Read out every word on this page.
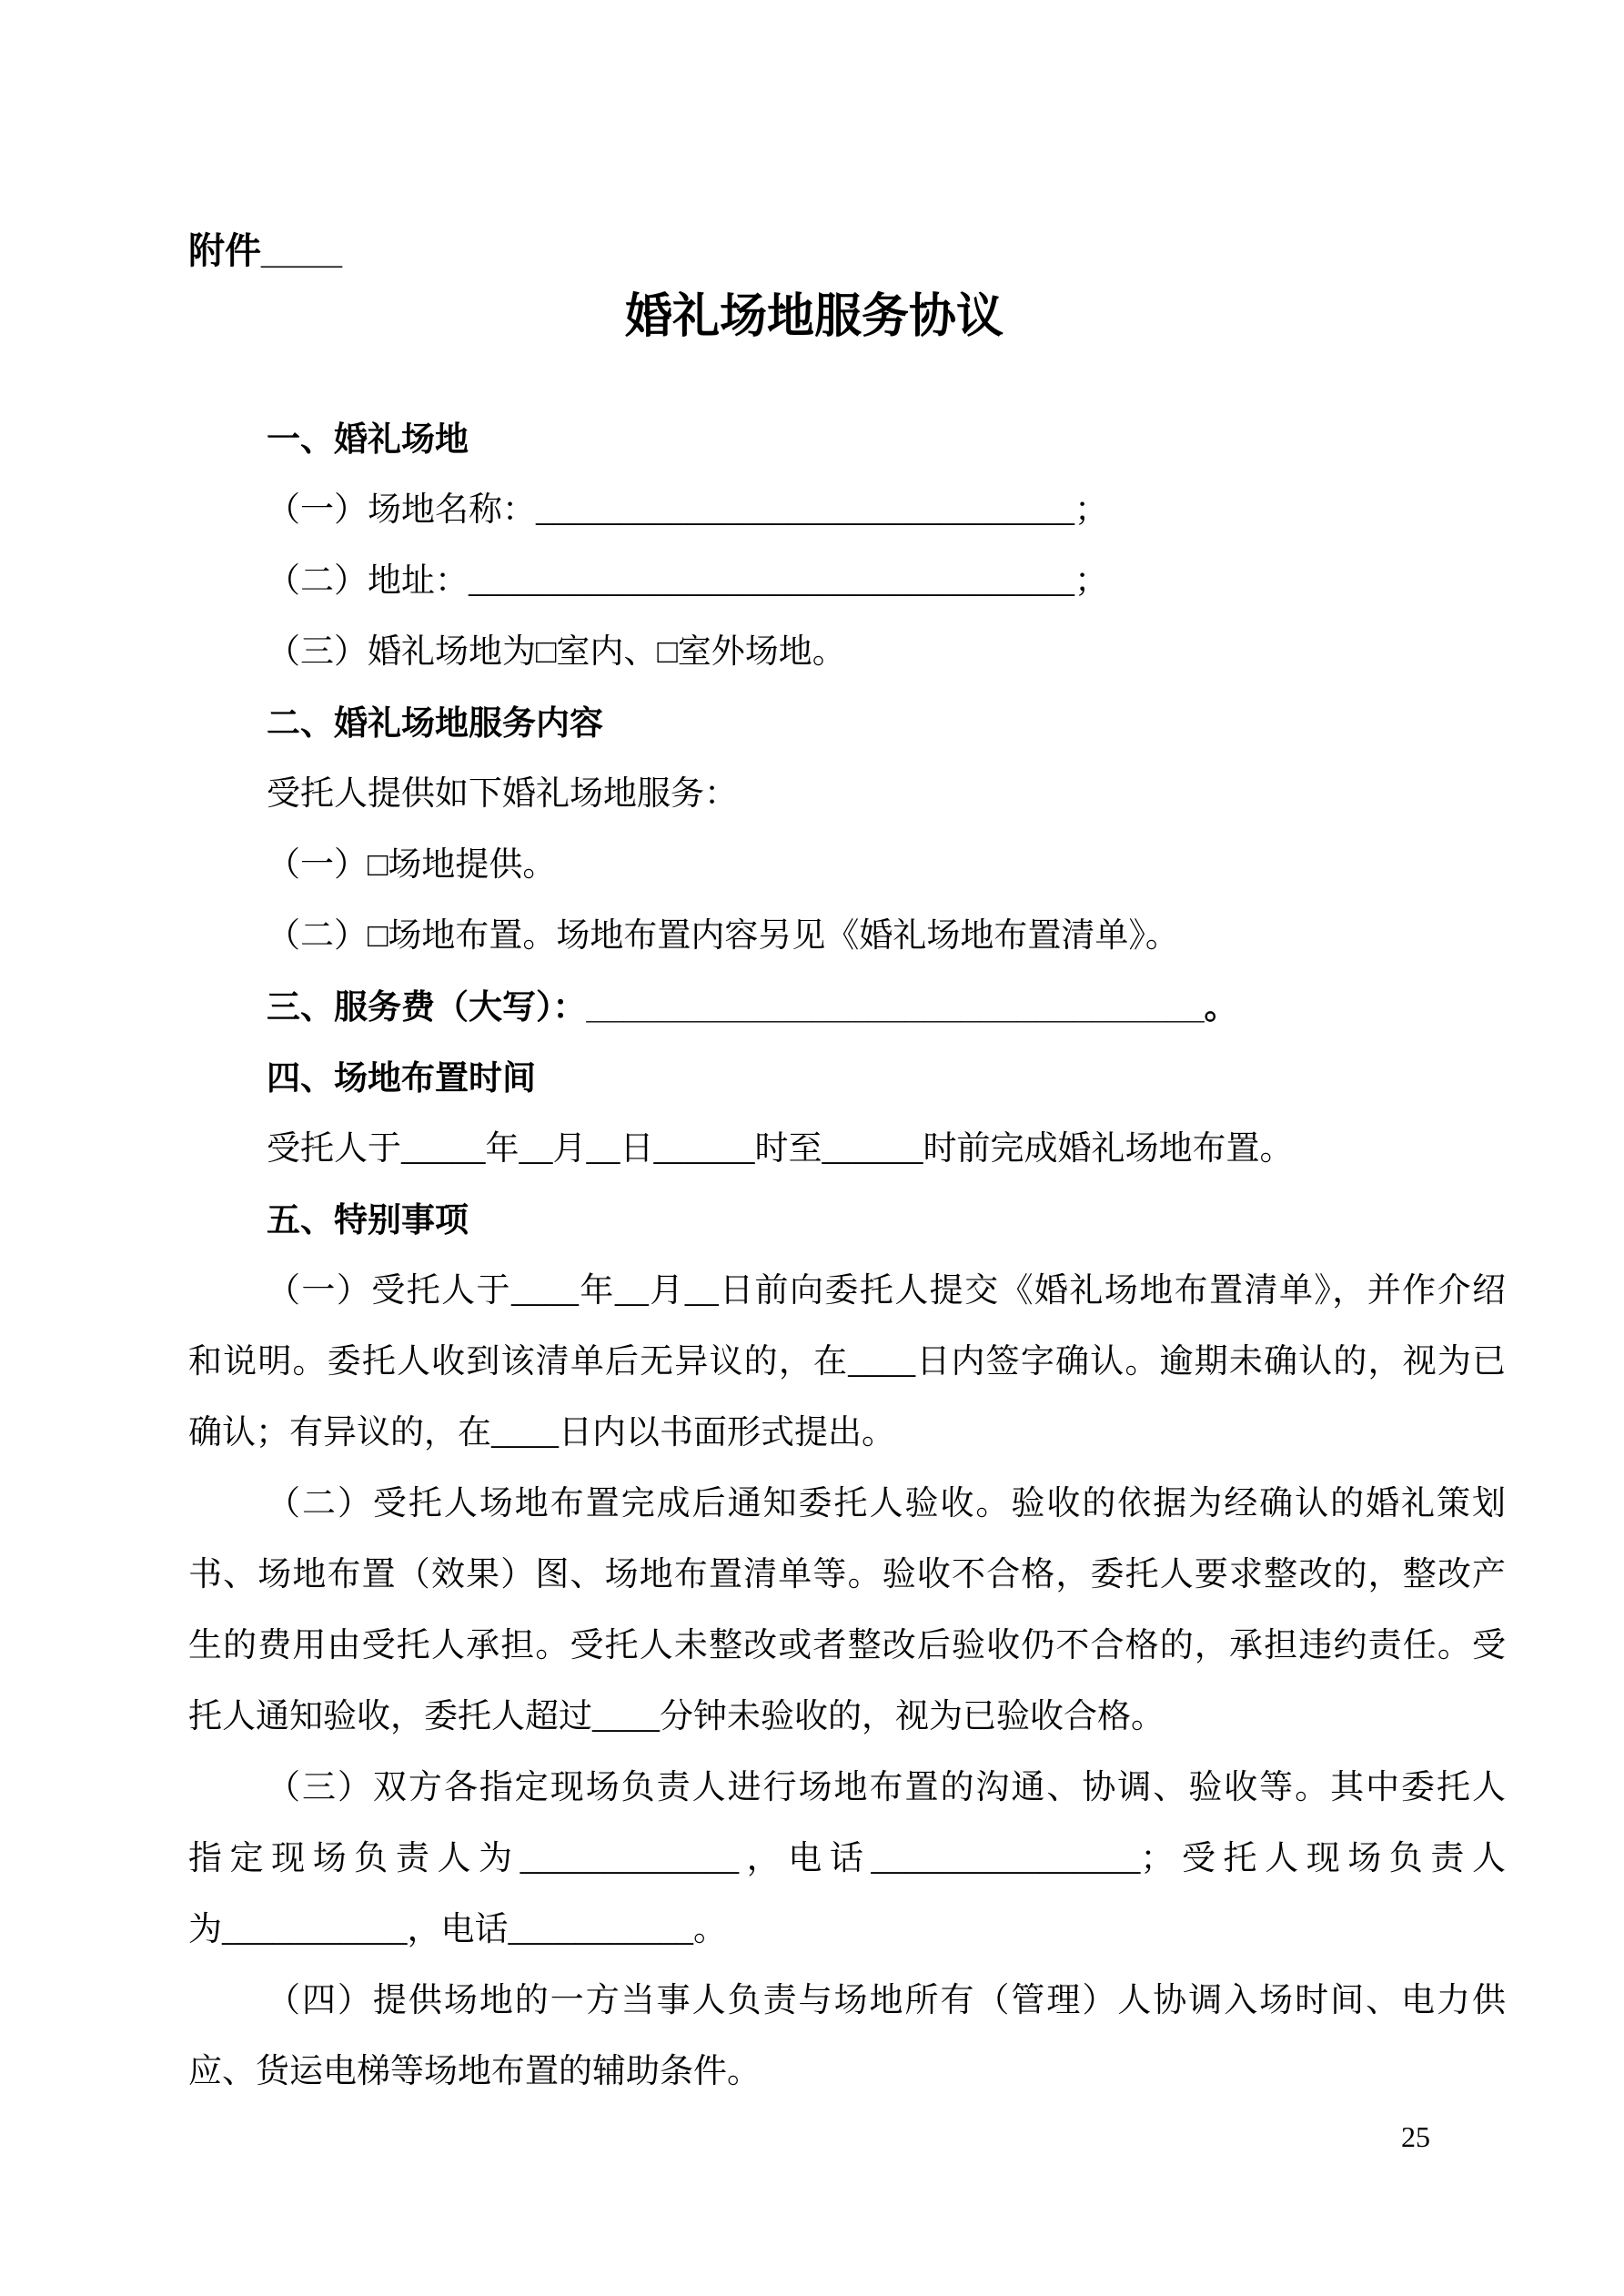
附件____
婚礼场地服务协议
一、婚礼场地
（一）场地名称：________________________________；
（二）地址：____________________________________；
（三）婚礼场地为□室内、□室外场地。
二、婚礼场地服务内容
受托人提供如下婚礼场地服务：
（一）□场地提供。
（二）□场地布置。场地布置内容另见《婚礼场地布置清单》。
三、服务费（大写）：_________________________________。
四、场地布置时间
受托人于_____年__月__日______时至______时前完成婚礼场地布置。
五、特别事项
（一）受托人于____年__月__日前向委托人提交《婚礼场地布置清单》，并作介绍
和说明。委托人收到该清单后无异议的，在____日内签字确认。逾期未确认的，视为已
确认；有异议的，在____日内以书面形式提出。
（二）受托人场地布置完成后通知委托人验收。验收的依据为经确认的婚礼策划
书、场地布置（效果）图、场地布置清单等。验收不合格，委托人要求整改的，整改产
生的费用由受托人承担。受托人未整改或者整改后验收仍不合格的，承担违约责任。受
托人通知验收，委托人超过____分钟未验收的，视为已验收合格。
（三）双方各指定现场负责人进行场地布置的沟通、协调、验收等。其中委托人
指定现场负责人为_____________，电话________________；受托人现场负责人
为___________，电话___________。
（四）提供场地的一方当事人负责与场地所有（管理）人协调入场时间、电力供
应、货运电梯等场地布置的辅助条件。
25
